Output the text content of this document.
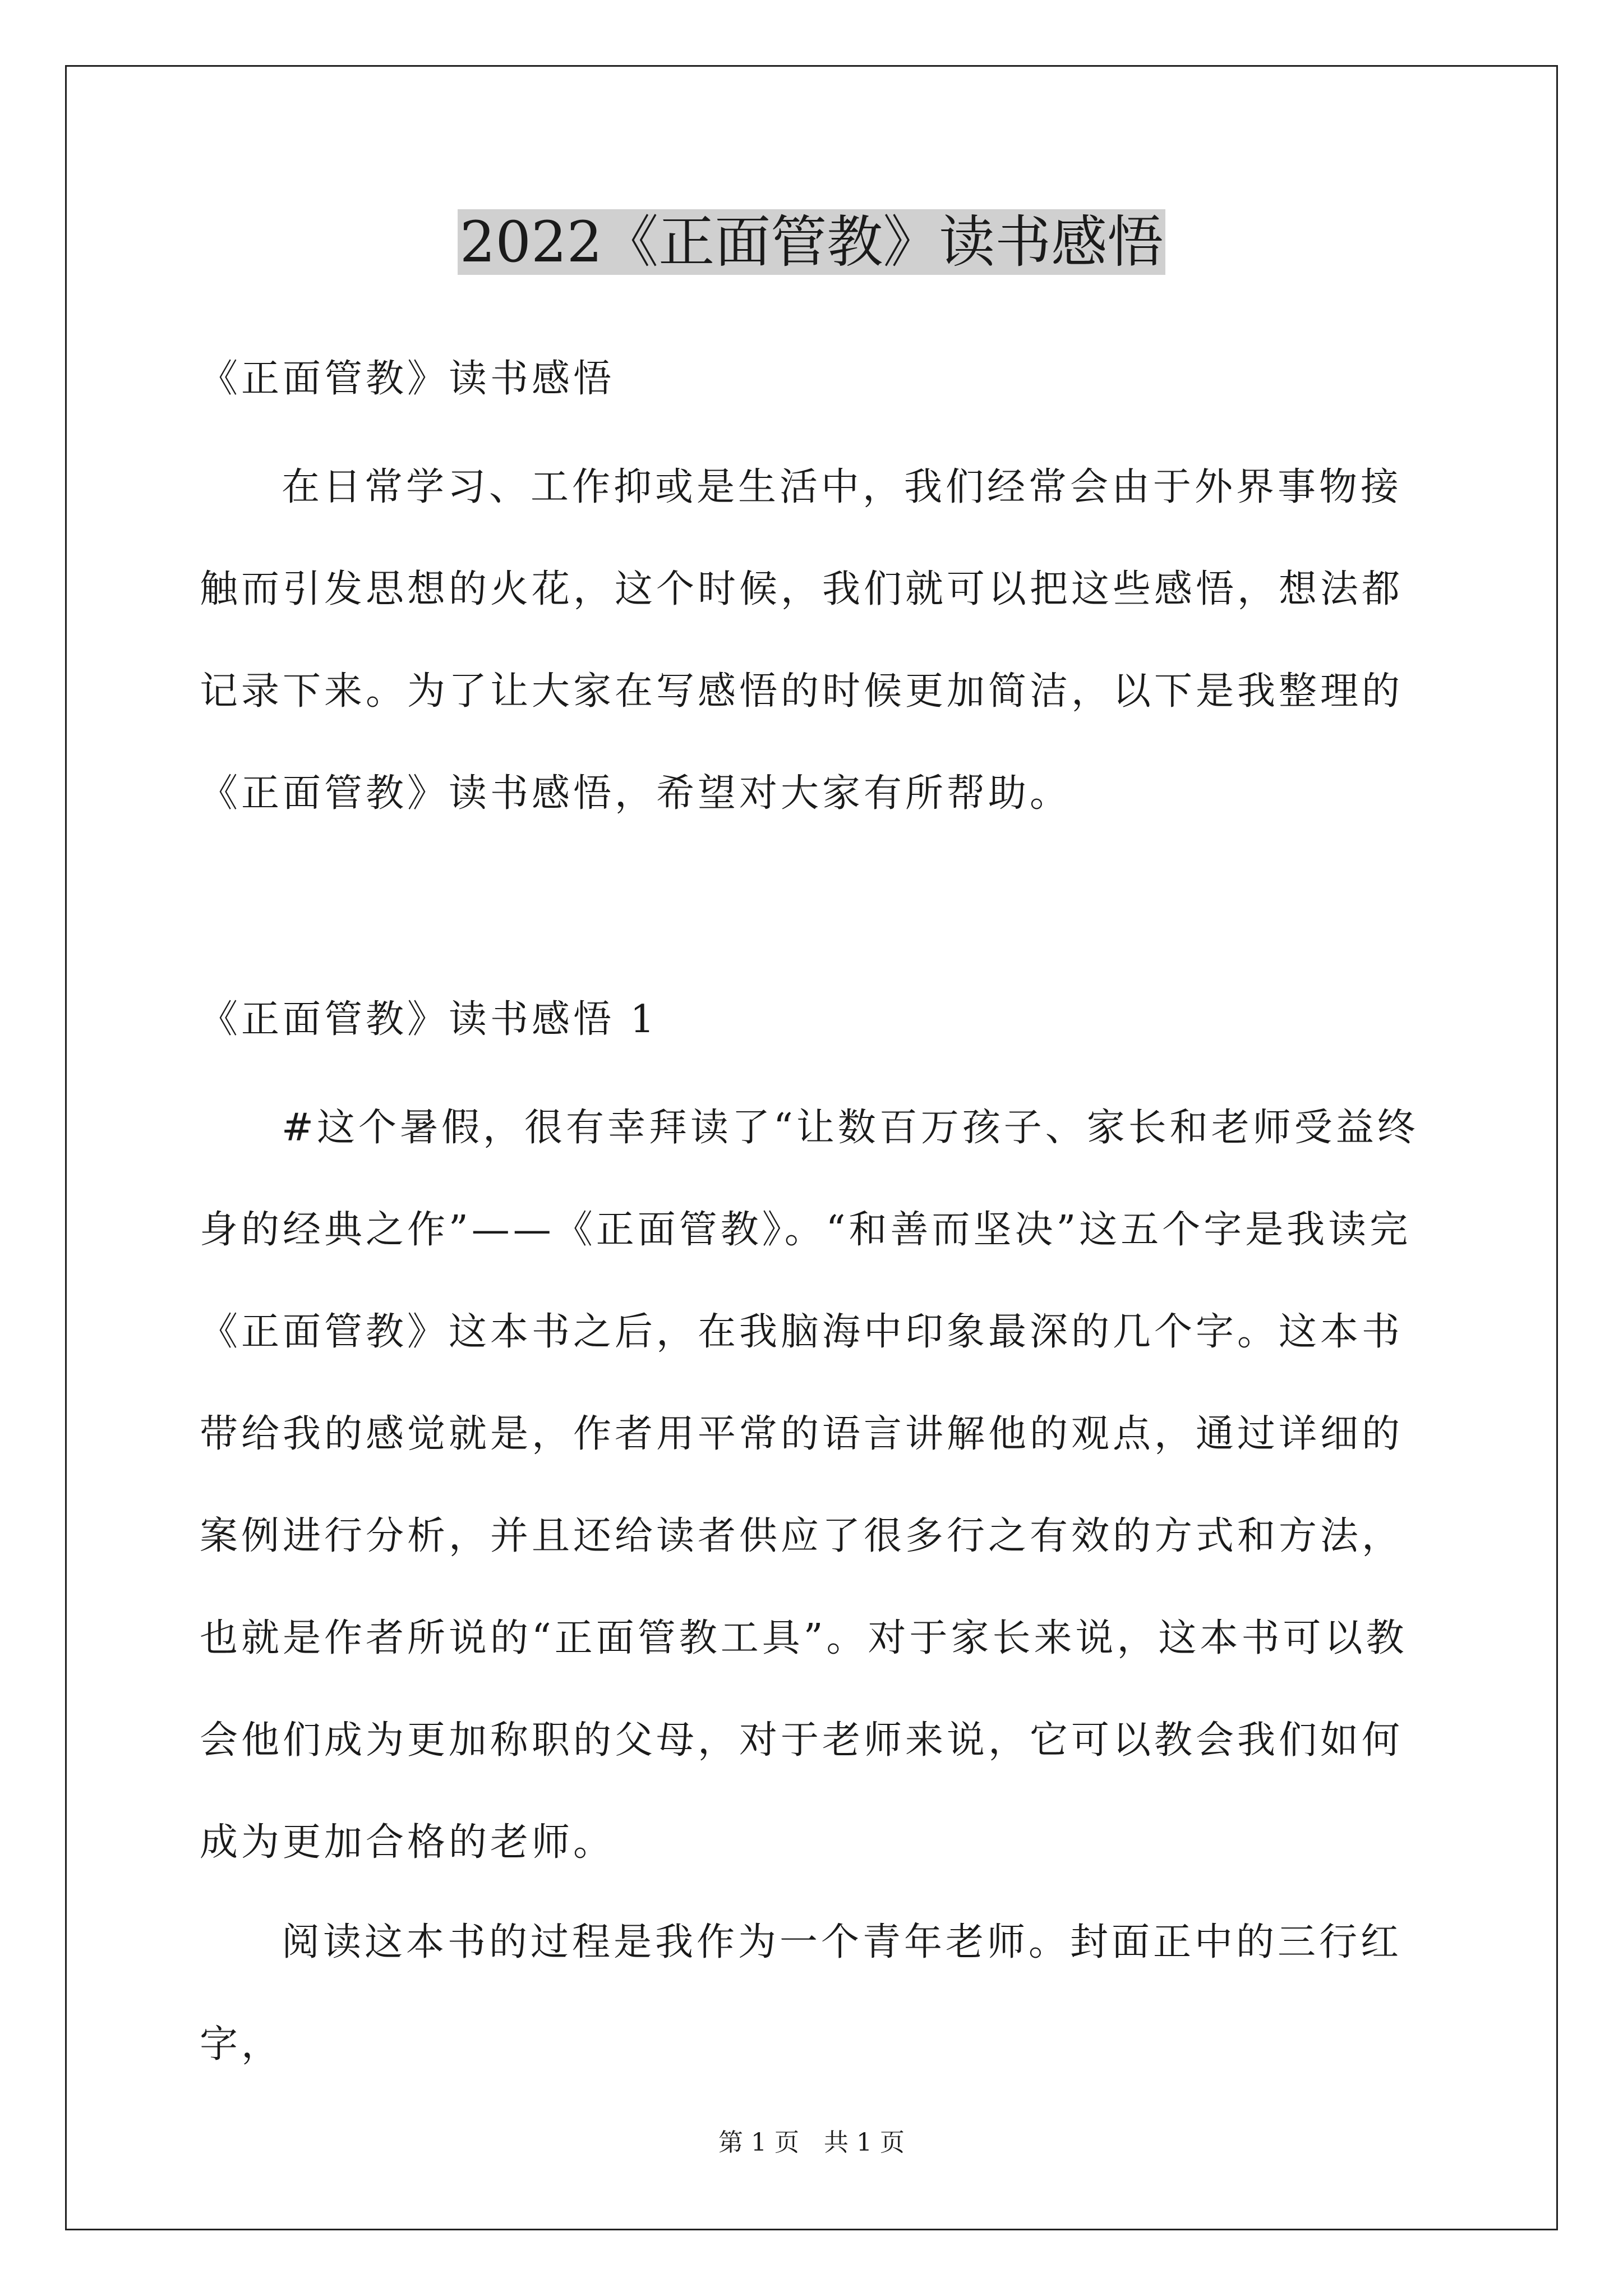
2022《正面管教》读书感悟

《正面管教》读书感悟

在日常学习、工作抑或是生活中，我们经常会由于外界事物接触而引发思想的火花，这个时候，我们就可以把这些感悟，想法都记录下来。为了让大家在写感悟的时候更加简洁，以下是我整理的《正面管教》读书感悟，希望对大家有所帮助。

《正面管教》读书感悟 1

#这个暑假，很有幸拜读了“让数百万孩子、家长和老师受益终身的经典之作”——《正面管教》。“和善而坚决”这五个字是我读完《正面管教》这本书之后，在我脑海中印象最深的几个字。这本书带给我的感觉就是，作者用平常的语言讲解他的观点，通过详细的案例进行分析，并且还给读者供应了很多行之有效的方式和方法，也就是作者所说的“正面管教工具”。对于家长来说，这本书可以教会他们成为更加称职的父母，对于老师来说，它可以教会我们如何成为更加合格的老师。

阅读这本书的过程是我作为一个青年老师。封面正中的三行红字，

第 1 页　共 1 页
